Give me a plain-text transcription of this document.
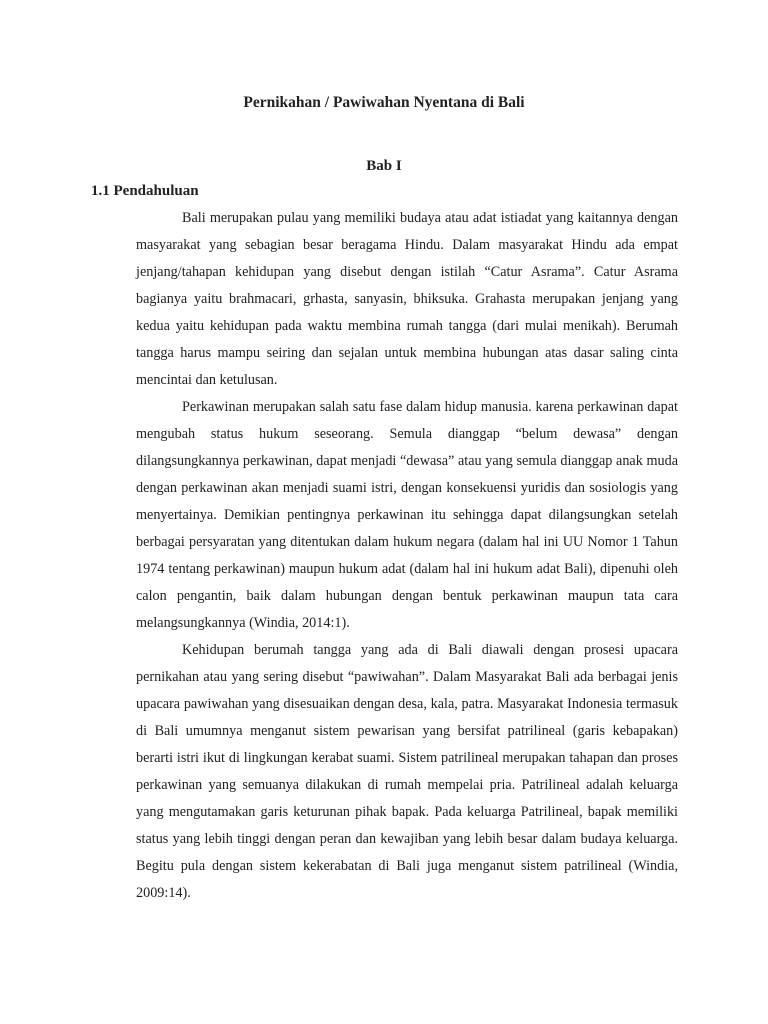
Pernikahan / Pawiwahan Nyentana di Bali
Bab I
1.1 Pendahuluan

Bali merupakan pulau yang memiliki budaya atau adat istiadat yang kaitannya dengan masyarakat yang sebagian besar beragama Hindu. Dalam masyarakat Hindu ada empat jenjang/tahapan kehidupan yang disebut dengan istilah “Catur Asrama”. Catur Asrama bagianya yaitu brahmacari, grhasta, sanyasin, bhiksuka. Grahasta merupakan jenjang yang kedua yaitu kehidupan pada waktu membina rumah tangga (dari mulai menikah). Berumah tangga harus mampu seiring dan sejalan untuk membina hubungan atas dasar saling cinta mencintai dan ketulusan.

Perkawinan merupakan salah satu fase dalam hidup manusia. karena perkawinan dapat mengubah status hukum seseorang. Semula dianggap “belum dewasa” dengan dilangsungkannya perkawinan, dapat menjadi “dewasa” atau yang semula dianggap anak muda dengan perkawinan akan menjadi suami istri, dengan konsekuensi yuridis dan sosiologis yang menyertainya. Demikian pentingnya perkawinan itu sehingga dapat dilangsungkan setelah berbagai persyaratan yang ditentukan dalam hukum negara (dalam hal ini UU Nomor 1 Tahun 1974 tentang perkawinan) maupun hukum adat (dalam hal ini hukum adat Bali), dipenuhi oleh calon pengantin, baik dalam hubungan dengan bentuk perkawinan maupun tata cara melangsungkannya (Windia, 2014:1).

Kehidupan berumah tangga yang ada di Bali diawali dengan prosesi upacara pernikahan atau yang sering disebut “pawiwahan”. Dalam Masyarakat Bali ada berbagai jenis upacara pawiwahan yang disesuaikan dengan desa, kala, patra. Masyarakat Indonesia termasuk di Bali umumnya menganut sistem pewarisan yang bersifat patrilineal (garis kebapakan) berarti istri ikut di lingkungan kerabat suami. Sistem patrilineal merupakan tahapan dan proses perkawinan yang semuanya dilakukan di rumah mempelai pria. Patrilineal adalah keluarga yang mengutamakan garis keturunan pihak bapak. Pada keluarga Patrilineal, bapak memiliki status yang lebih tinggi dengan peran dan kewajiban yang lebih besar dalam budaya keluarga. Begitu pula dengan sistem kekerabatan di Bali juga menganut sistem patrilineal (Windia, 2009:14).
